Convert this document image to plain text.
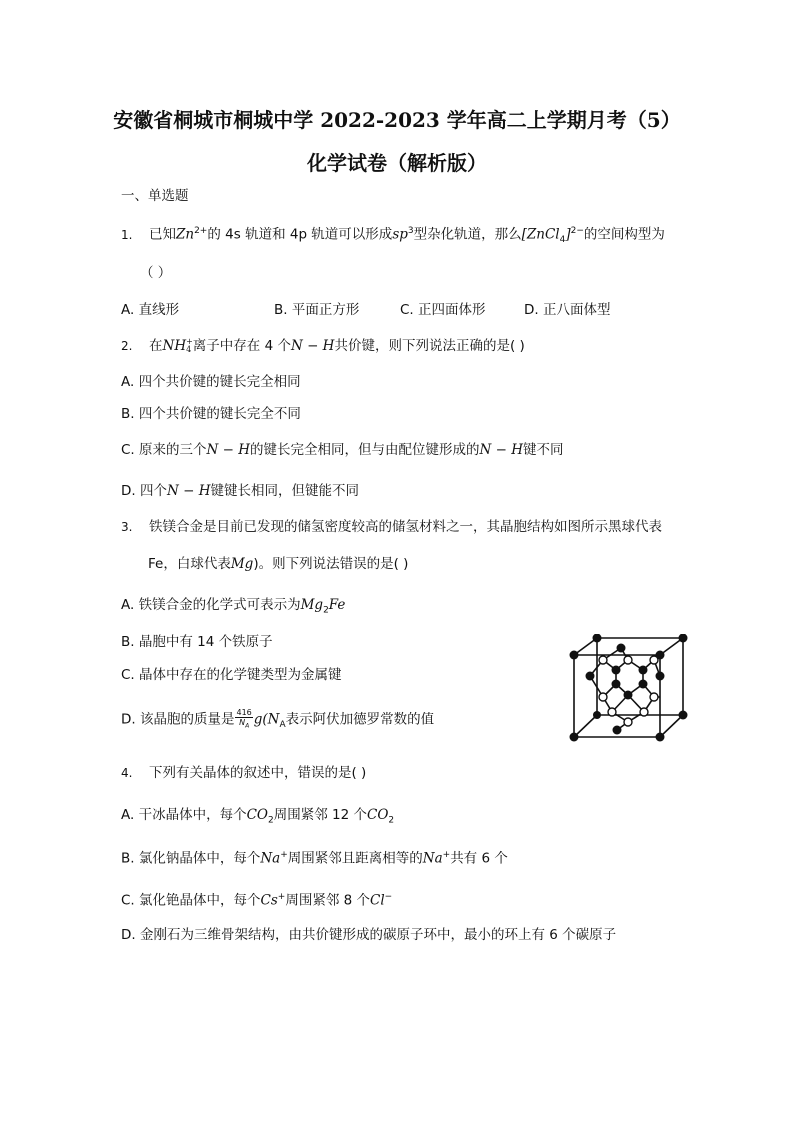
安徽省桐城市桐城中学 2022-2023 学年高二上学期月考（5）
化学试卷（解析版）
一、单选题
1. 已知$Zn^{2+}$的 4s 轨道和 4p 轨道可以形成$sp^3$型杂化轨道，那么[ZnCl$_4$]$^{2-}$的空间构型为
（ ）
A. 直线形	B. 平面正方形	C. 正四面体形	D. 正八面体型
2. 在NH +
4 离子中存在 4 个N − H共价键，则下列说法正确的是( )
A. 四个共价键的键长完全相同
B. 四个共价键的键长完全不同
C. 原来的三个N − H的键长完全相同，但与由配位键形成的N − H键不同
D. 四个N − H键键长相同，但键能不同
3. 铁镁合金是目前已发现的储氢密度较高的储氢材料之一，其晶胞结构如图所示黑球代表
Fe，白球代表Mg)。则下列说法错误的是( )
A. 铁镁合金的化学式可表示为$Mg_2Fe$
B. 晶胞中有 14 个铁原子
C. 晶体中存在的化学键类型为金属键
D. 该晶胞的质量是 $\frac{416}{N_A} g(N_A$表示阿伏加德罗常数的值
4. 下列有关晶体的叙述中，错误的是( )
A. 干冰晶体中，每个$CO_2$周围紧邻 12 个$CO_2$
B. 氯化钠晶体中，每个Na+周围紧邻且距离相等的Na+共有 6 个
C. 氯化铯晶体中，每个Cs+周围紧邻 8 个Cl−
D. 金刚石为三维骨架结构，由共价键形成的碳原子环中，最小的环上有 6 个碳原子
